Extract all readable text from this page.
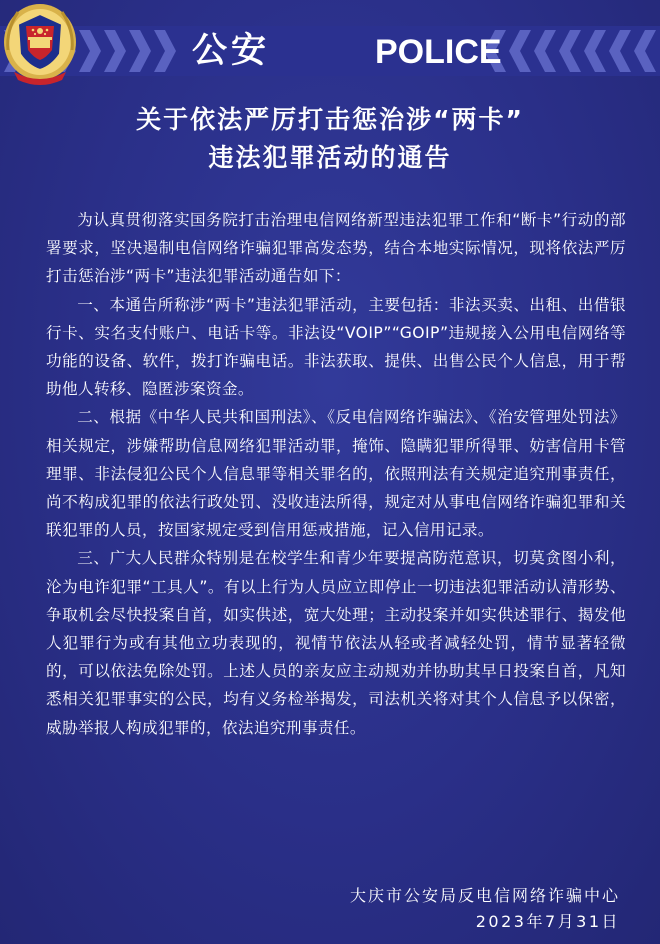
公安	POLICE
关于依法严厉打击惩治涉“两卡”
违法犯罪活动的通告

为认真贯彻落实国务院打击治理电信网络新型违法犯罪工作和“断卡”行动的部署要求，坚决遏制电信网络诈骗犯罪高发态势，结合本地实际情况，现将依法严厉打击惩治涉“两卡”违法犯罪活动通告如下：

一、本通告所称涉“两卡”违法犯罪活动，主要包括：非法买卖、出租、出借银行卡、实名支付账户、电话卡等。非法设“VOIP”“GOIP”违规接入公用电信网络等功能的设备、软件，拨打诈骗电话。非法获取、提供、出售公民个人信息，用于帮助他人转移、隐匿涉案资金。

二、根据《中华人民共和国刑法》、《反电信网络诈骗法》、《治安管理处罚法》相关规定，涉嫌帮助信息网络犯罪活动罪，掩饰、隐瞒犯罪所得罪、妨害信用卡管理罪、非法侵犯公民个人信息罪等相关罪名的，依照刑法有关规定追究刑事责任，尚不构成犯罪的依法行政处罚、没收违法所得，规定对从事电信网络诈骗犯罪和关联犯罪的人员，按国家规定受到信用惩戒措施，记入信用记录。

三、广大人民群众特别是在校学生和青少年要提高防范意识，切莫贪图小利，沦为电诈犯罪“工具人”。有以上行为人员应立即停止一切违法犯罪活动认清形势、争取机会尽快投案自首，如实供述，宽大处理；主动投案并如实供述罪行、揭发他人犯罪行为或有其他立功表现的，视情节依法从轻或者减轻处罚，情节显著轻微的，可以依法免除处罚。上述人员的亲友应主动规劝并协助其早日投案自首，凡知悉相关犯罪事实的公民，均有义务检举揭发，司法机关将对其个人信息予以保密，威胁举报人构成犯罪的，依法追究刑事责任。

大庆市公安局反电信网络诈骗中心
2023年7月31日
